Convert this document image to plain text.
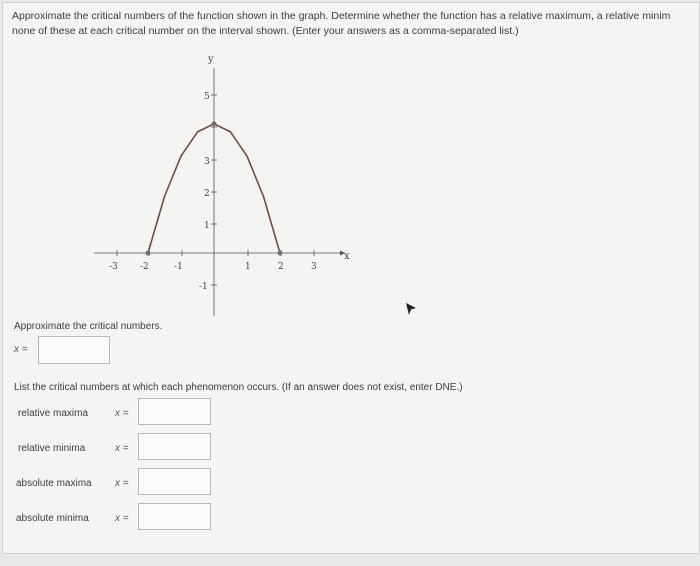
Approximate the critical numbers of the function shown in the graph. Determine whether the function has a relative maximum, a relative minim
none of these at each critical number on the interval shown. (Enter your answers as a comma-separated list.)
x
y
-3 -2	-1	1	2	3
5
3
2
1
-1
Approximate the critical numbers.
x =
List the critical numbers at which each phenomenon occurs. (If an answer does not exist, enter DNE.)
relative maxima	x =
relative minima	x =
absolute maxima x =
absolute minima	x =
